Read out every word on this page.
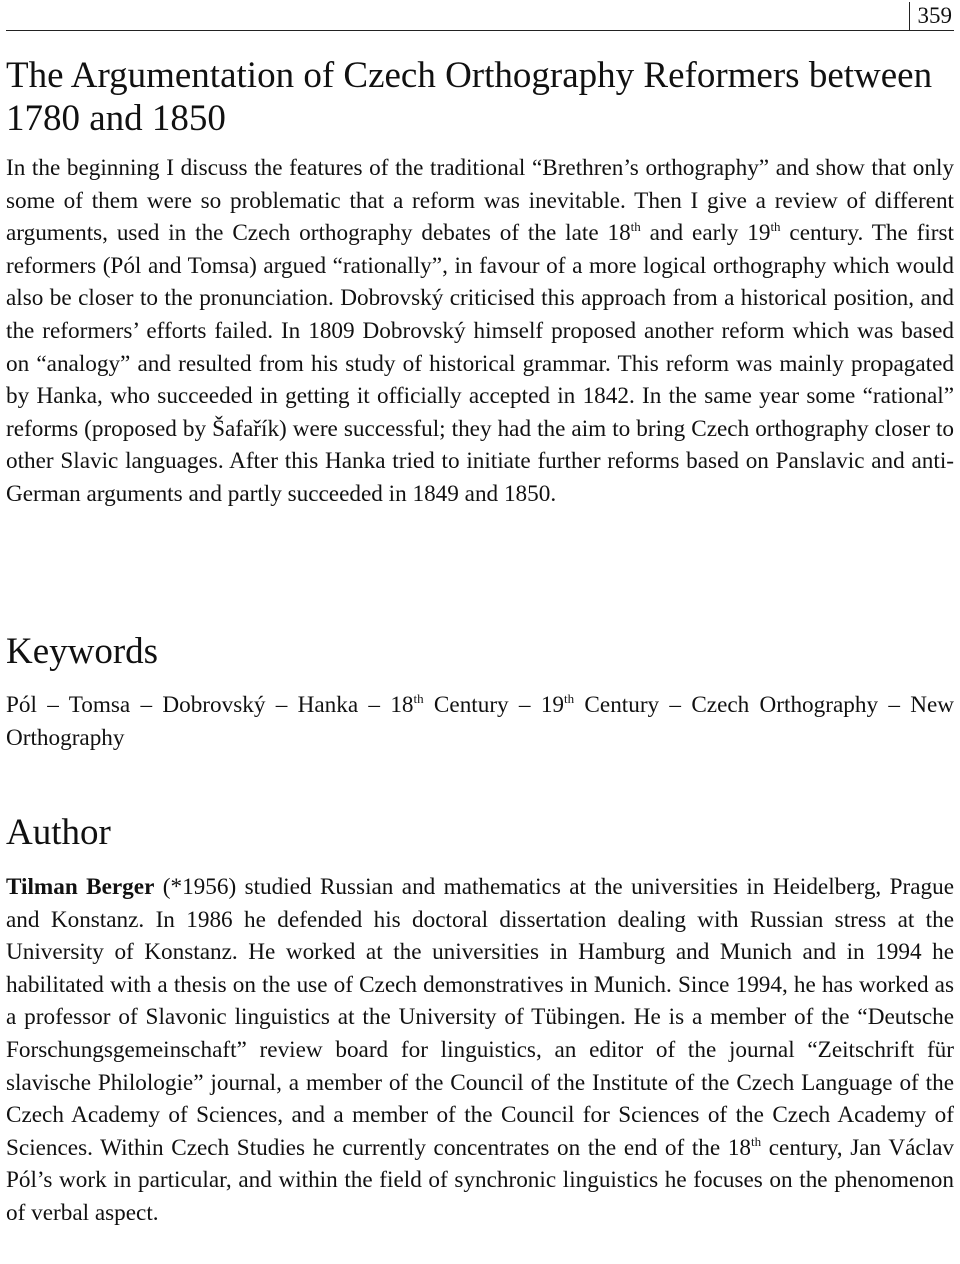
359
The Argumentation of Czech Orthography Reformers between 1780 and 1850

In the beginning I discuss the features of the traditional “Brethren’s orthography” and show that only some of them were so problematic that a reform was inevitable. Then I give a review of different arguments, used in the Czech orthography debates of the late 18th and early 19th century. The first reformers (Pól and Tomsa) argued “rationally”, in favour of a more logical orthography which would also be closer to the pronunciation. Dobrovský criticised this approach from a historical position, and the reformers’ efforts failed. In 1809 Dobrovský himself proposed another reform which was based on “analogy” and resulted from his study of historical grammar. This reform was mainly propagated by Hanka, who succeeded in getting it officially accepted in 1842. In the same year some “rational” reforms (proposed by Šafařík) were successful; they had the aim to bring Czech orthography closer to other Slavic languages. After this Hanka tried to initiate further reforms based on Panslavic and anti-German arguments and partly succeeded in 1849 and 1850.

Keywords

Pól – Tomsa – Dobrovský – Hanka – 18th Century – 19th Century – Czech Orthography – New Orthography

Author

Tilman Berger (*1956) studied Russian and mathematics at the universities in Heidelberg, Prague and Konstanz. In 1986 he defended his doctoral dissertation dealing with Russian stress at the University of Konstanz. He worked at the universities in Hamburg and Munich and in 1994 he habilitated with a thesis on the use of Czech demonstratives in Munich. Since 1994, he has worked as a professor of Slavonic linguistics at the University of Tübingen. He is a member of the “Deutsche Forschungsgemeinschaft” review board for linguistics, an editor of the journal “Zeitschrift für slavische Philologie” journal, a member of the Council of the Institute of the Czech Language of the Czech Academy of Sciences, and a member of the Council for Sciences of the Czech Academy of Sciences. Within Czech Studies he currently concentrates on the end of the 18th century, Jan Václav Pól’s work in particular, and within the field of synchronic linguistics he focuses on the phenomenon of verbal aspect.
